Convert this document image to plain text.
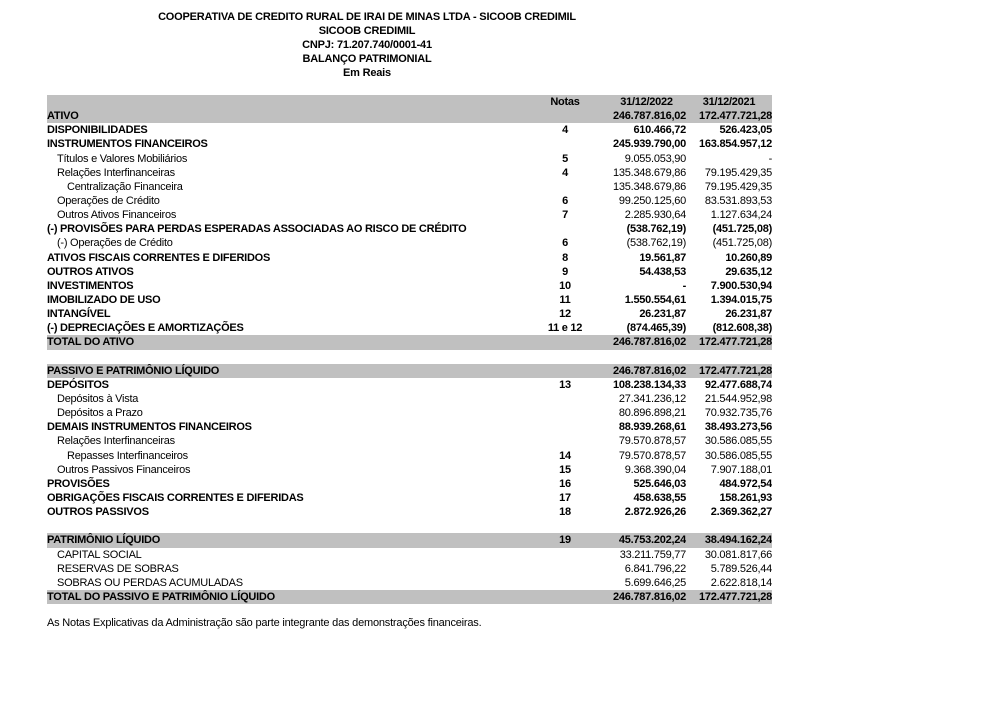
COOPERATIVA DE CREDITO RURAL DE IRAI DE MINAS LTDA - SICOOB CREDIMIL
SICOOB CREDIMIL
CNPJ: 71.207.740/0001-41
BALANÇO PATRIMONIAL
Em Reais
	Notas	31/12/2022	31/12/2021
ATIVO		246.787.816,02	172.477.721,28
DISPONIBILIDADES	4	610.466,72	526.423,05
INSTRUMENTOS FINANCEIROS		245.939.790,00	163.854.957,12
Títulos e Valores Mobiliários	5	9.055.053,90	-
Relações Interfinanceiras	4	135.348.679,86	79.195.429,35
Centralização Financeira		135.348.679,86	79.195.429,35
Operações de Crédito	6	99.250.125,60	83.531.893,53
Outros Ativos Financeiros	7	2.285.930,64	1.127.634,24
(-) PROVISÕES PARA PERDAS ESPERADAS ASSOCIADAS AO RISCO DE CRÉDITO		(538.762,19)	(451.725,08)
(-) Operações de Crédito	6	(538.762,19)	(451.725,08)
ATIVOS FISCAIS CORRENTES E DIFERIDOS	8	19.561,87	10.260,89
OUTROS ATIVOS	9	54.438,53	29.635,12
INVESTIMENTOS	10	-	7.900.530,94
IMOBILIZADO DE USO	11	1.550.554,61	1.394.015,75
INTANGÍVEL	12	26.231,87	26.231,87
(-) DEPRECIAÇÕES E AMORTIZAÇÕES	11 e 12	(874.465,39)	(812.608,38)
TOTAL DO ATIVO		246.787.816,02	172.477.721,28

PASSIVO E PATRIMÔNIO LÍQUIDO		246.787.816,02	172.477.721,28
DEPÓSITOS	13	108.238.134,33	92.477.688,74
Depósitos à Vista		27.341.236,12	21.544.952,98
Depósitos a Prazo		80.896.898,21	70.932.735,76
DEMAIS INSTRUMENTOS FINANCEIROS		88.939.268,61	38.493.273,56
Relações Interfinanceiras		79.570.878,57	30.586.085,55
Repasses Interfinanceiros	14	79.570.878,57	30.586.085,55
Outros Passivos Financeiros	15	9.368.390,04	7.907.188,01
PROVISÕES	16	525.646,03	484.972,54
OBRIGAÇÕES FISCAIS CORRENTES E DIFERIDAS	17	458.638,55	158.261,93
OUTROS PASSIVOS	18	2.872.926,26	2.369.362,27

PATRIMÔNIO LÍQUIDO	19	45.753.202,24	38.494.162,24
CAPITAL SOCIAL		33.211.759,77	30.081.817,66
RESERVAS DE SOBRAS		6.841.796,22	5.789.526,44
SOBRAS OU PERDAS ACUMULADAS		5.699.646,25	2.622.818,14
TOTAL DO PASSIVO E PATRIMÔNIO LÍQUIDO		246.787.816,02	172.477.721,28
As Notas Explicativas da Administração são parte integrante das demonstrações financeiras.
